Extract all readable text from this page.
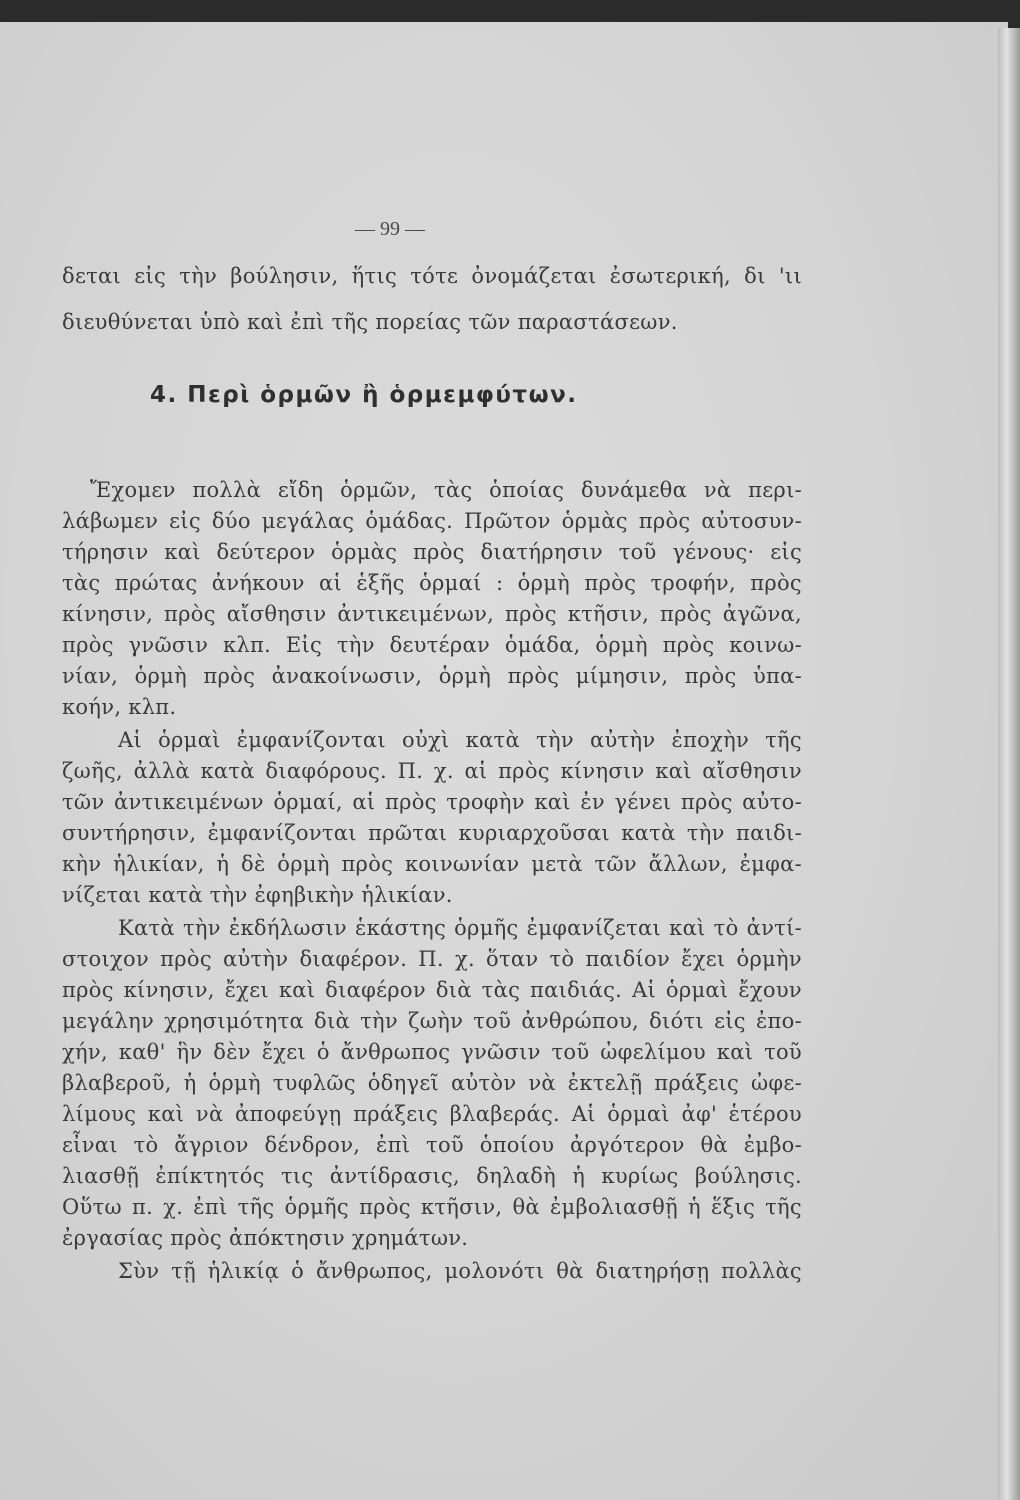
— 99 —
δεται εἰς τὴν βούλησιν, ἥτις τότε ὀνομάζεται ἐσωτερική, δι 'ιι
διευθύνεται ὑπὸ καὶ ἐπὶ τῆς πορείας τῶν παραστάσεων.
4. Περὶ ὁρμῶν ἢ ὁρμεμφύτων.
Ἔχομεν πολλὰ εἴδη ὁρμῶν, τὰς ὁποίας δυνάμεθα νὰ περι-
λάβωμεν εἰς δύο μεγάλας ὁμάδας. Πρῶτον ὁρμὰς πρὸς αὐτοσυν-
τήρησιν καὶ δεύτερον ὁρμὰς πρὸς διατήρησιν τοῦ γένους· εἰς
τὰς πρώτας ἀνήκουν αἱ ἑξῆς ὁρμαί : ὁρμὴ πρὸς τροφήν, πρὸς
κίνησιν, πρὸς αἴσθησιν ἀντικειμένων, πρὸς κτῆσιν, πρὸς ἀγῶνα,
πρὸς γνῶσιν κλπ. Εἰς τὴν δευτέραν ὁμάδα, ὁρμὴ πρὸς κοινω-
νίαν, ὁρμὴ πρὸς ἀνακοίνωσιν, ὁρμὴ πρὸς μίμησιν, πρὸς ὑπα-
κοήν, κλπ.
Αἱ ὁρμαὶ ἐμφανίζονται οὐχὶ κατὰ τὴν αὐτὴν ἐποχὴν τῆς
ζωῆς, ἀλλὰ κατὰ διαφόρους. Π. χ. αἱ πρὸς κίνησιν καὶ αἴσθησιν
τῶν ἀντικειμένων ὁρμαί, αἱ πρὸς τροφὴν καὶ ἐν γένει πρὸς αὐτο-
συντήρησιν, ἐμφανίζονται πρῶται κυριαρχοῦσαι κατὰ τὴν παιδι-
κὴν ἡλικίαν, ἡ δὲ ὁρμὴ πρὸς κοινωνίαν μετὰ τῶν ἄλλων, ἐμφα-
νίζεται κατὰ τὴν ἐφηβικὴν ἡλικίαν.
Κατὰ τὴν ἐκδήλωσιν ἑκάστης ὁρμῆς ἐμφανίζεται καὶ τὸ ἀντί-
στοιχον πρὸς αὐτὴν διαφέρον. Π. χ. ὅταν τὸ παιδίον ἔχει ὁρμὴν
πρὸς κίνησιν, ἔχει καὶ διαφέρον διὰ τὰς παιδιάς. Αἱ ὁρμαὶ ἔχουν
μεγάλην χρησιμότητα διὰ τὴν ζωὴν τοῦ ἀνθρώπου, διότι εἰς ἐπο-
χήν, καθ' ἣν δὲν ἔχει ὁ ἄνθρωπος γνῶσιν τοῦ ὠφελίμου καὶ τοῦ
βλαβεροῦ, ἡ ὁρμὴ τυφλῶς ὁδηγεῖ αὐτὸν νὰ ἐκτελῇ πράξεις ὠφε-
λίμους καὶ νὰ ἀποφεύγῃ πράξεις βλαβεράς. Αἱ ὁρμαὶ ἀφ' ἑτέρου
εἶναι τὸ ἄγριον δένδρον, ἐπὶ τοῦ ὁποίου ἀργότερον θὰ ἐμβο-
λιασθῇ ἐπίκτητός τις ἀντίδρασις, δηλαδὴ ἡ κυρίως βούλησις.
Οὕτω π. χ. ἐπὶ τῆς ὁρμῆς πρὸς κτῆσιν, θὰ ἐμβολιασθῇ ἡ ἕξις τῆς
ἐργασίας πρὸς ἀπόκτησιν χρημάτων.
Σὺν τῇ ἡλικίᾳ ὁ ἄνθρωπος, μολονότι θὰ διατηρήσῃ πολλὰς
